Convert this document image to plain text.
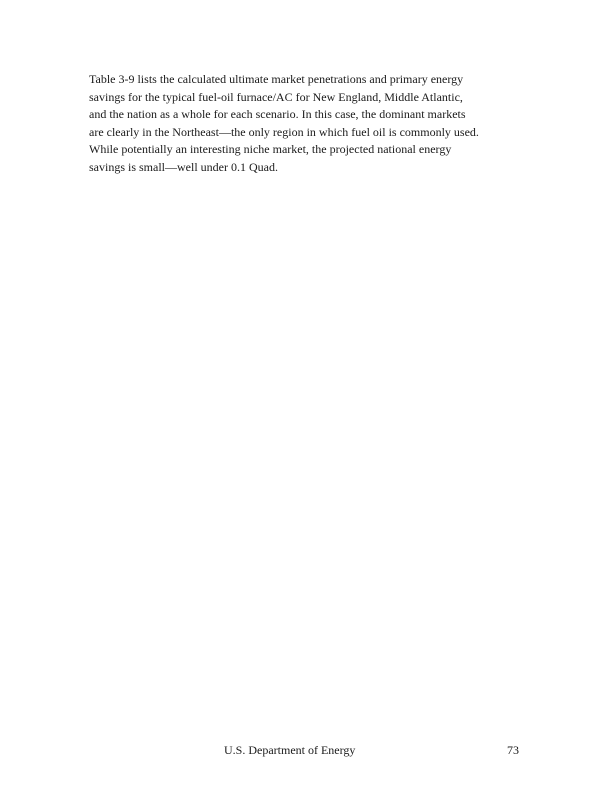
Table 3-9 lists the calculated ultimate market penetrations and primary energy
savings for the typical fuel-oil furnace/AC for New England, Middle Atlantic,
and the nation as a whole for each scenario. In this case, the dominant markets
are clearly in the Northeast—the only region in which fuel oil is commonly used.
While potentially an interesting niche market, the projected national energy
savings is small—well under 0.1 Quad.

U.S. Department of Energy	73
